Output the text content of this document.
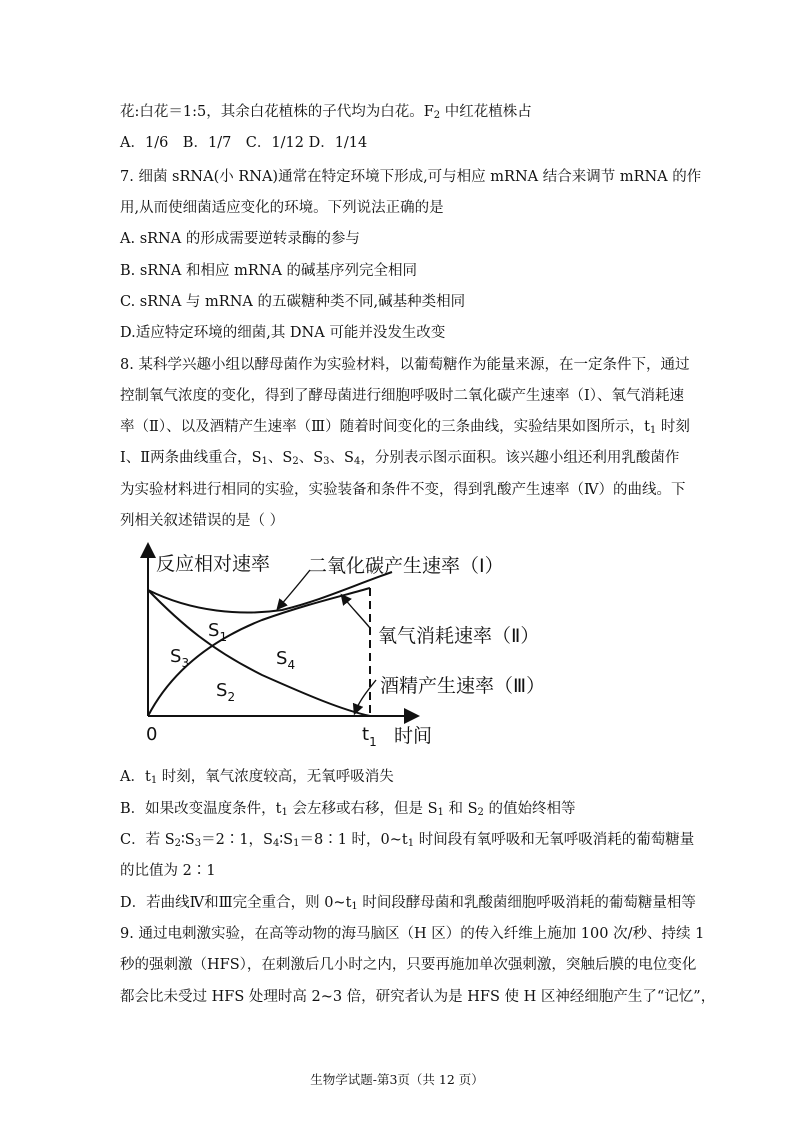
花:白花＝1:5，其余白花植株的子代均为白花。$F_2$ 中红花植株占
A．1/6　B．1/7　C．1/12 D．1/14
7. 细菌 sRNA(小 RNA)通常在特定环境下形成,可与相应 mRNA 结合来调节 mRNA 的作
用,从而使细菌适应变化的环境。下列说法正确的是
A. sRNA 的形成需要逆转录酶的参与
B. sRNA 和相应 mRNA 的碱基序列完全相同
C. sRNA 与 mRNA 的五碳糖种类不同,碱基种类相同
D.适应特定环境的细菌,其 DNA 可能并没发生改变
8. 某科学兴趣小组以酵母菌作为实验材料，以葡萄糖作为能量来源，在一定条件下，通过
控制氧气浓度的变化，得到了酵母菌进行细胞呼吸时二氧化碳产生速率（Ⅰ）、氧气消耗速
率（Ⅱ）、以及酒精产生速率（Ⅲ）随着时间变化的三条曲线，实验结果如图所示，$t_1$ 时刻
Ⅰ、Ⅱ两条曲线重合，$S_1$、$S_2$、$S_3$、$S_4$，分别表示图示面积。该兴趣小组还利用乳酸菌作
为实验材料进行相同的实验，实验装备和条件不变，得到乳酸产生速率（Ⅳ）的曲线。下
列相关叙述错误的是（ ）
反应相对速率 二氧化碳产生速率（Ⅰ）
氧气消耗速率（Ⅱ）
酒精产生速率（Ⅲ）
$S_1$
$S_3$	$S_4$
$S_2$
0	$t_1$ 时间
A．$t_1$ 时刻，氧气浓度较高，无氧呼吸消失
B．如果改变温度条件，$t_1$ 会左移或右移，但是 $S_1$ 和 $S_2$ 的值始终相等
C．若 $S_2∶S_3=2∶1$，$S_4∶S_1=8∶1$ 时，$0\sim t_1$ 时间段有氧呼吸和无氧呼吸消耗的葡萄糖量
的比值为 2∶1
D．若曲线Ⅳ和Ⅲ完全重合，则 $0\sim t_1$ 时间段酵母菌和乳酸菌细胞呼吸消耗的葡萄糖量相等
9. 通过电刺激实验，在高等动物的海马脑区（H 区）的传入纤维上施加 100 次/秒、持续 1
秒的强刺激（HFS），在刺激后几小时之内，只要再施加单次强刺激，突触后膜的电位变化
都会比未受过 HFS 处理时高 2~3 倍，研究者认为是 HFS 使 H 区神经细胞产生了“记忆”，
生物学试题-第3页（共 12 页）
